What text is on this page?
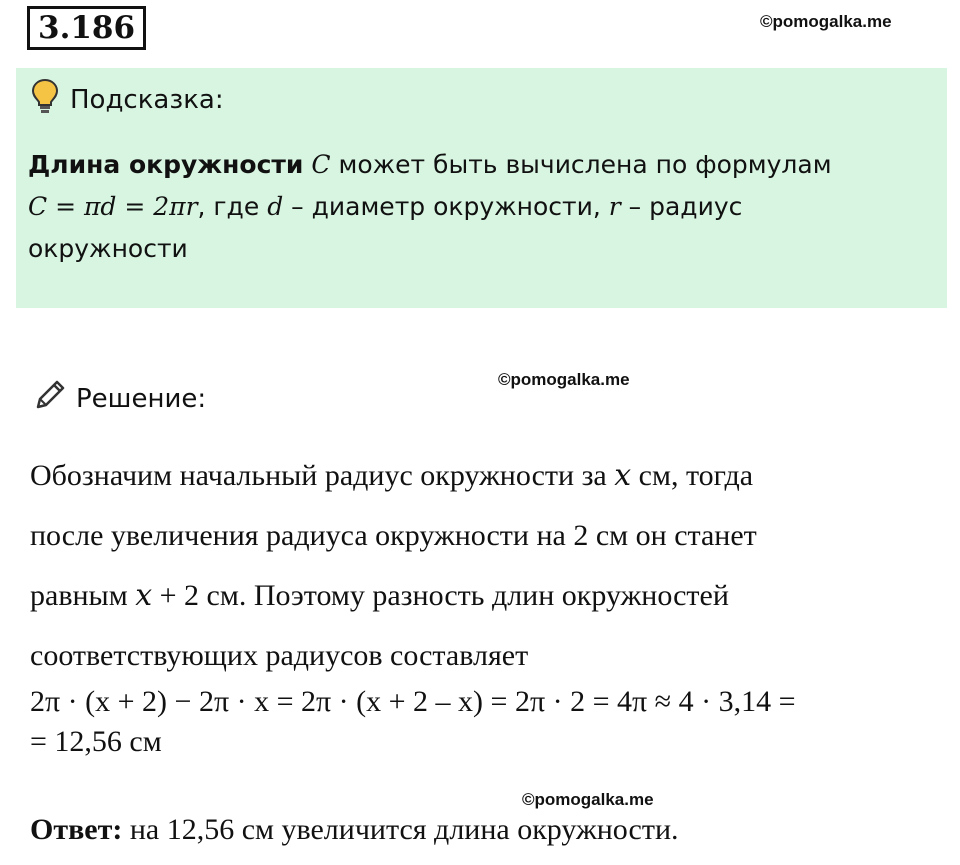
3.186	©pomogalka.me
Подсказка:
Длина окружности C может быть вычислена по формулам
C = πd = 2πr, где d – диаметр окружности, r – радиус
окружности
Решение:
©pomogalka.me

Обозначим начальный радиус окружности за x см, тогда

после увеличения радиуса окружности на 2 см он станет

равным x + 2 см. Поэтому разность длин окружностей

соответствующих радиусов составляет

2π · (x + 2) − 2π · x = 2π · (x + 2 – x) = 2π · 2 = 4π ≈ 4 · 3,14 =

= 12,56 см

©pomogalka.me

Ответ: на 12,56 см увеличится длина окружности.
